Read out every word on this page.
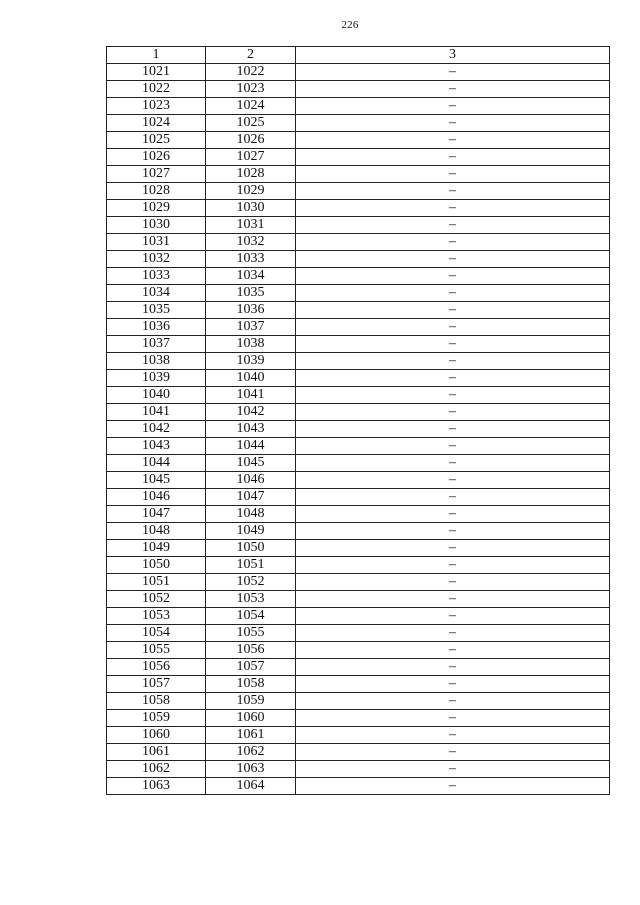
226
1	2	3
1021	1022	–
1022	1023	–
1023	1024	–
1024	1025	–
1025	1026	–
1026	1027	–
1027	1028	–
1028	1029	–
1029	1030	–
1030	1031	–
1031	1032	–
1032	1033	–
1033	1034	–
1034	1035	–
1035	1036	–
1036	1037	–
1037	1038	–
1038	1039	–
1039	1040	–
1040	1041	–
1041	1042	–
1042	1043	–
1043	1044	–
1044	1045	–
1045	1046	–
1046	1047	–
1047	1048	–
1048	1049	–
1049	1050	–
1050	1051	–
1051	1052	–
1052	1053	–
1053	1054	–
1054	1055	–
1055	1056	–
1056	1057	–
1057	1058	–
1058	1059	–
1059	1060	–
1060	1061	–
1061	1062	–
1062	1063	–
1063	1064	–
